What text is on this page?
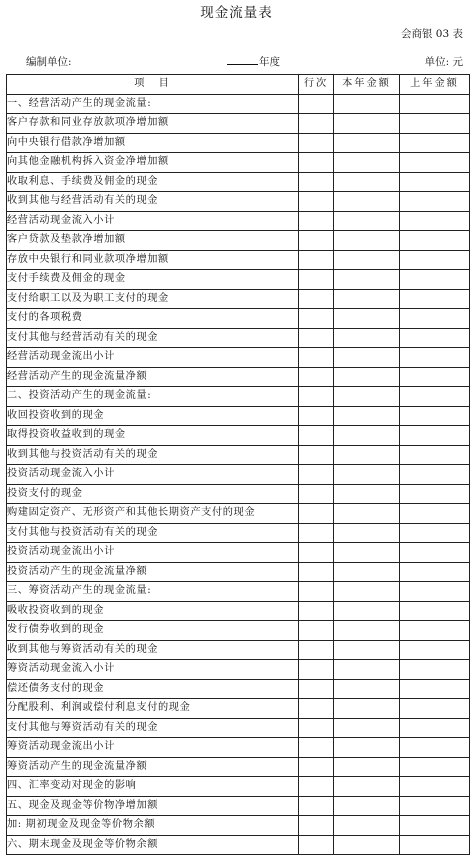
现金流量表
会商银 03 表
编制单位:	年度	单位: 元
项　目	行次	本年金额	上年金额
一、经营活动产生的现金流量:			
客户存款和同业存放款项净增加额			
向中央银行借款净增加额			
向其他金融机构拆入资金净增加额			
收取利息、手续费及佣金的现金			
收到其他与经营活动有关的现金			
经营活动现金流入小计			
客户贷款及垫款净增加额			
存放中央银行和同业款项净增加额			
支付手续费及佣金的现金			
支付给职工以及为职工支付的现金			
支付的各项税费			
支付其他与经营活动有关的现金			
经营活动现金流出小计			
经营活动产生的现金流量净额			
二、投资活动产生的现金流量:			
收回投资收到的现金			
取得投资收益收到的现金			
收到其他与投资活动有关的现金			
投资活动现金流入小计			
投资支付的现金			
购建固定资产、无形资产和其他长期资产支付的现金			
支付其他与投资活动有关的现金			
投资活动现金流出小计			
投资活动产生的现金流量净额			
三、筹资活动产生的现金流量:			
吸收投资收到的现金			
发行债券收到的现金			
收到其他与筹资活动有关的现金			
筹资活动现金流入小计			
偿还债务支付的现金			
分配股利、利润或偿付利息支付的现金			
支付其他与筹资活动有关的现金			
筹资活动现金流出小计			
筹资活动产生的现金流量净额			
四、汇率变动对现金的影响			
五、现金及现金等价物净增加额			
加: 期初现金及现金等价物余额			
六、期末现金及现金等价物余额			
